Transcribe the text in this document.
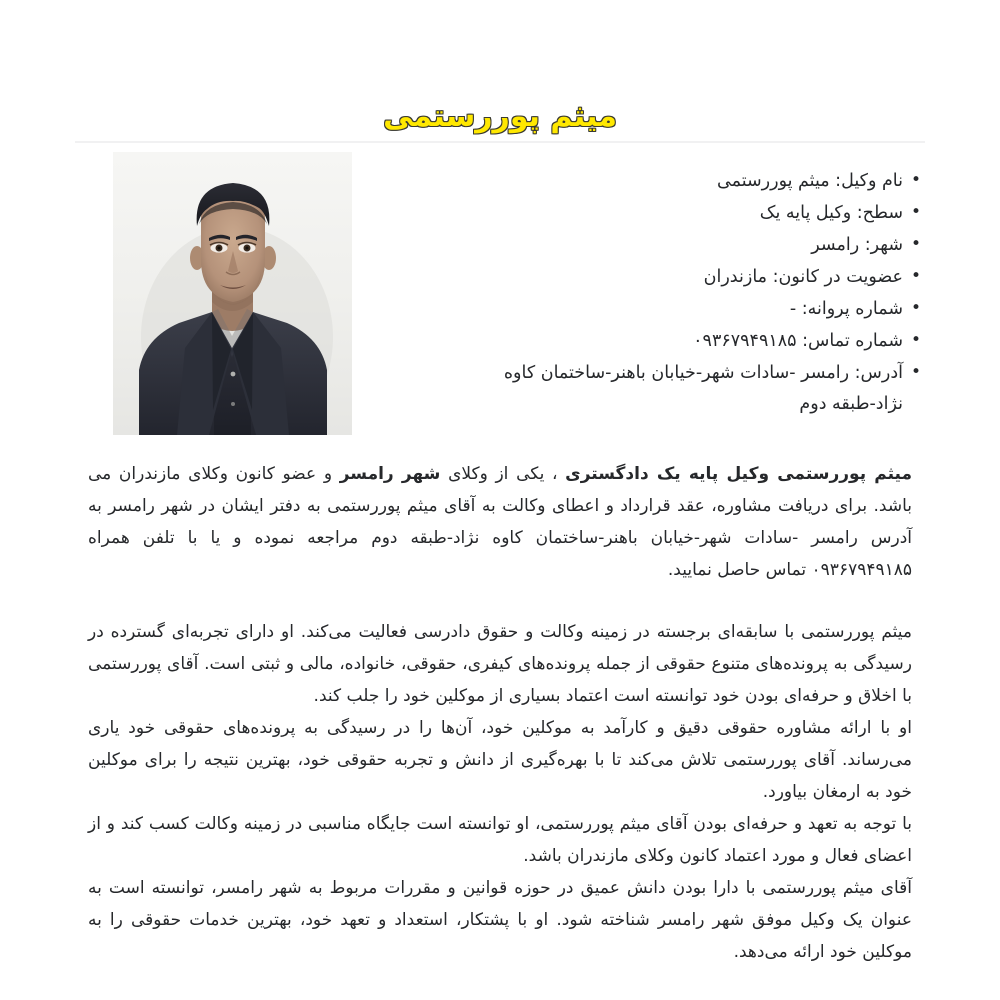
میثم پوررستمی
• نام وکیل: میثم پوررستمی
• سطح: وکیل پایه یک
• شهر: رامسر
• عضویت در کانون: مازندران
• شماره پروانه: -
• شماره تماس: ۰۹۳۶۷۹۴۹۱۸۵
• آدرس: رامسر -سادات شهر-خیابان باهنر-ساختمان کاوه نژاد-طبقه دوم

میثم پوررستمی وکیل پایه یک دادگستری ، یکی از وکلای شهر رامسر و عضو کانون وکلای مازندران می باشد. برای دریافت مشاوره، عقد قرارداد و اعطای وکالت به آقای میثم پوررستمی به دفتر ایشان در شهر رامسر به آدرس رامسر -سادات شهر-خیابان باهنر-ساختمان کاوه نژاد-طبقه دوم مراجعه نموده و یا با تلفن همراه ۰۹۳۶۷۹۴۹۱۸۵ تماس حاصل نمایید.

میثم پوررستمی با سابقه‌ای برجسته در زمینه وکالت و حقوق دادرسی فعالیت می‌کند. او دارای تجربه‌ای گسترده در رسیدگی به پرونده‌های متنوع حقوقی از جمله پرونده‌های کیفری، حقوقی، خانواده، مالی و ثبتی است. آقای پوررستمی با اخلاق و حرفه‌ای بودن خود توانسته است اعتماد بسیاری از موکلین خود را جلب کند.

او با ارائه مشاوره حقوقی دقیق و کارآمد به موکلین خود، آن‌ها را در رسیدگی به پرونده‌های حقوقی خود یاری می‌رساند. آقای پوررستمی تلاش می‌کند تا با بهره‌گیری از دانش و تجربه حقوقی خود، بهترین نتیجه را برای موکلین خود به ارمغان بیاورد.

با توجه به تعهد و حرفه‌ای بودن آقای میثم پوررستمی، او توانسته است جایگاه مناسبی در زمینه وکالت کسب کند و از اعضای فعال و مورد اعتماد کانون وکلای مازندران باشد.

آقای میثم پوررستمی با دارا بودن دانش عمیق در حوزه قوانین و مقررات مربوط به شهر رامسر، توانسته است به عنوان یک وکیل موفق شهر رامسر شناخته شود. او با پشتکار، استعداد و تعهد خود، بهترین خدمات حقوقی را به موکلین خود ارائه می‌دهد.
